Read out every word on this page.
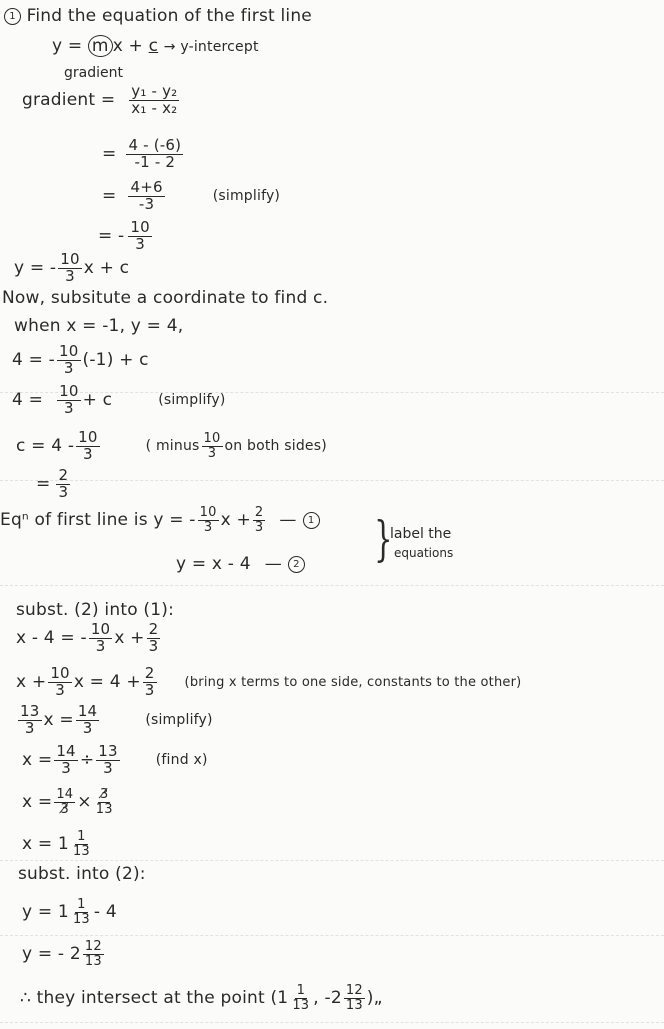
1 Find the equation of the first line
y = m x + c → y-intercept
gradient
gradient = $\frac{\text{y₁ - y₂}}{\text{x₁ - x₂}}$
= $\frac{4 - (-6)}{-1 - 2}$
= $\frac{4+6}{-3}$	(simplify)
= - $\frac{10}{3}$
y = - $\frac{10}{3}$ x + c
Now, subsitute a coordinate to find c.
when x = -1, y = 4,
4 = - $\frac{10}{3} (-1) + c$
$4 = \frac{10}{3} + c$	(simplify)
$c = 4 - \frac{10}{3}$	( minus $\frac{10}{3}$ on both sides)
= $\frac{2}{3}$
Eqⁿ of first line is y = - $\frac{10}{3}$ $x + \frac{2}{3}$ —	1
y = x - 4 —	2 }
label the
equations
subst. (2) into (1):
x - 4 = - $\frac{10}{3}$ $x + \frac{2}{3}$
$x + \frac{10}{3}$ $x = 4 + \frac{2}{3}$ (bring x terms to one side, constants to the other)
$\frac{13}{3}$ $x = \frac{14}{3}$	(simplify)
$x = \frac{14}{3} \div \frac{13}{3}$	(find x)
$x = \frac{14}{3̸} \times \frac{3̸}{13}$
$x = 1 \frac{1}{13}$
subst. into (2):
$y = 1 \frac{1}{13} - 4$
y = - $2 \frac{12}{13}$
∴ they intersect at the point ($1 \frac{1}{13}$ , $-2 \frac{12}{13}$ )„
